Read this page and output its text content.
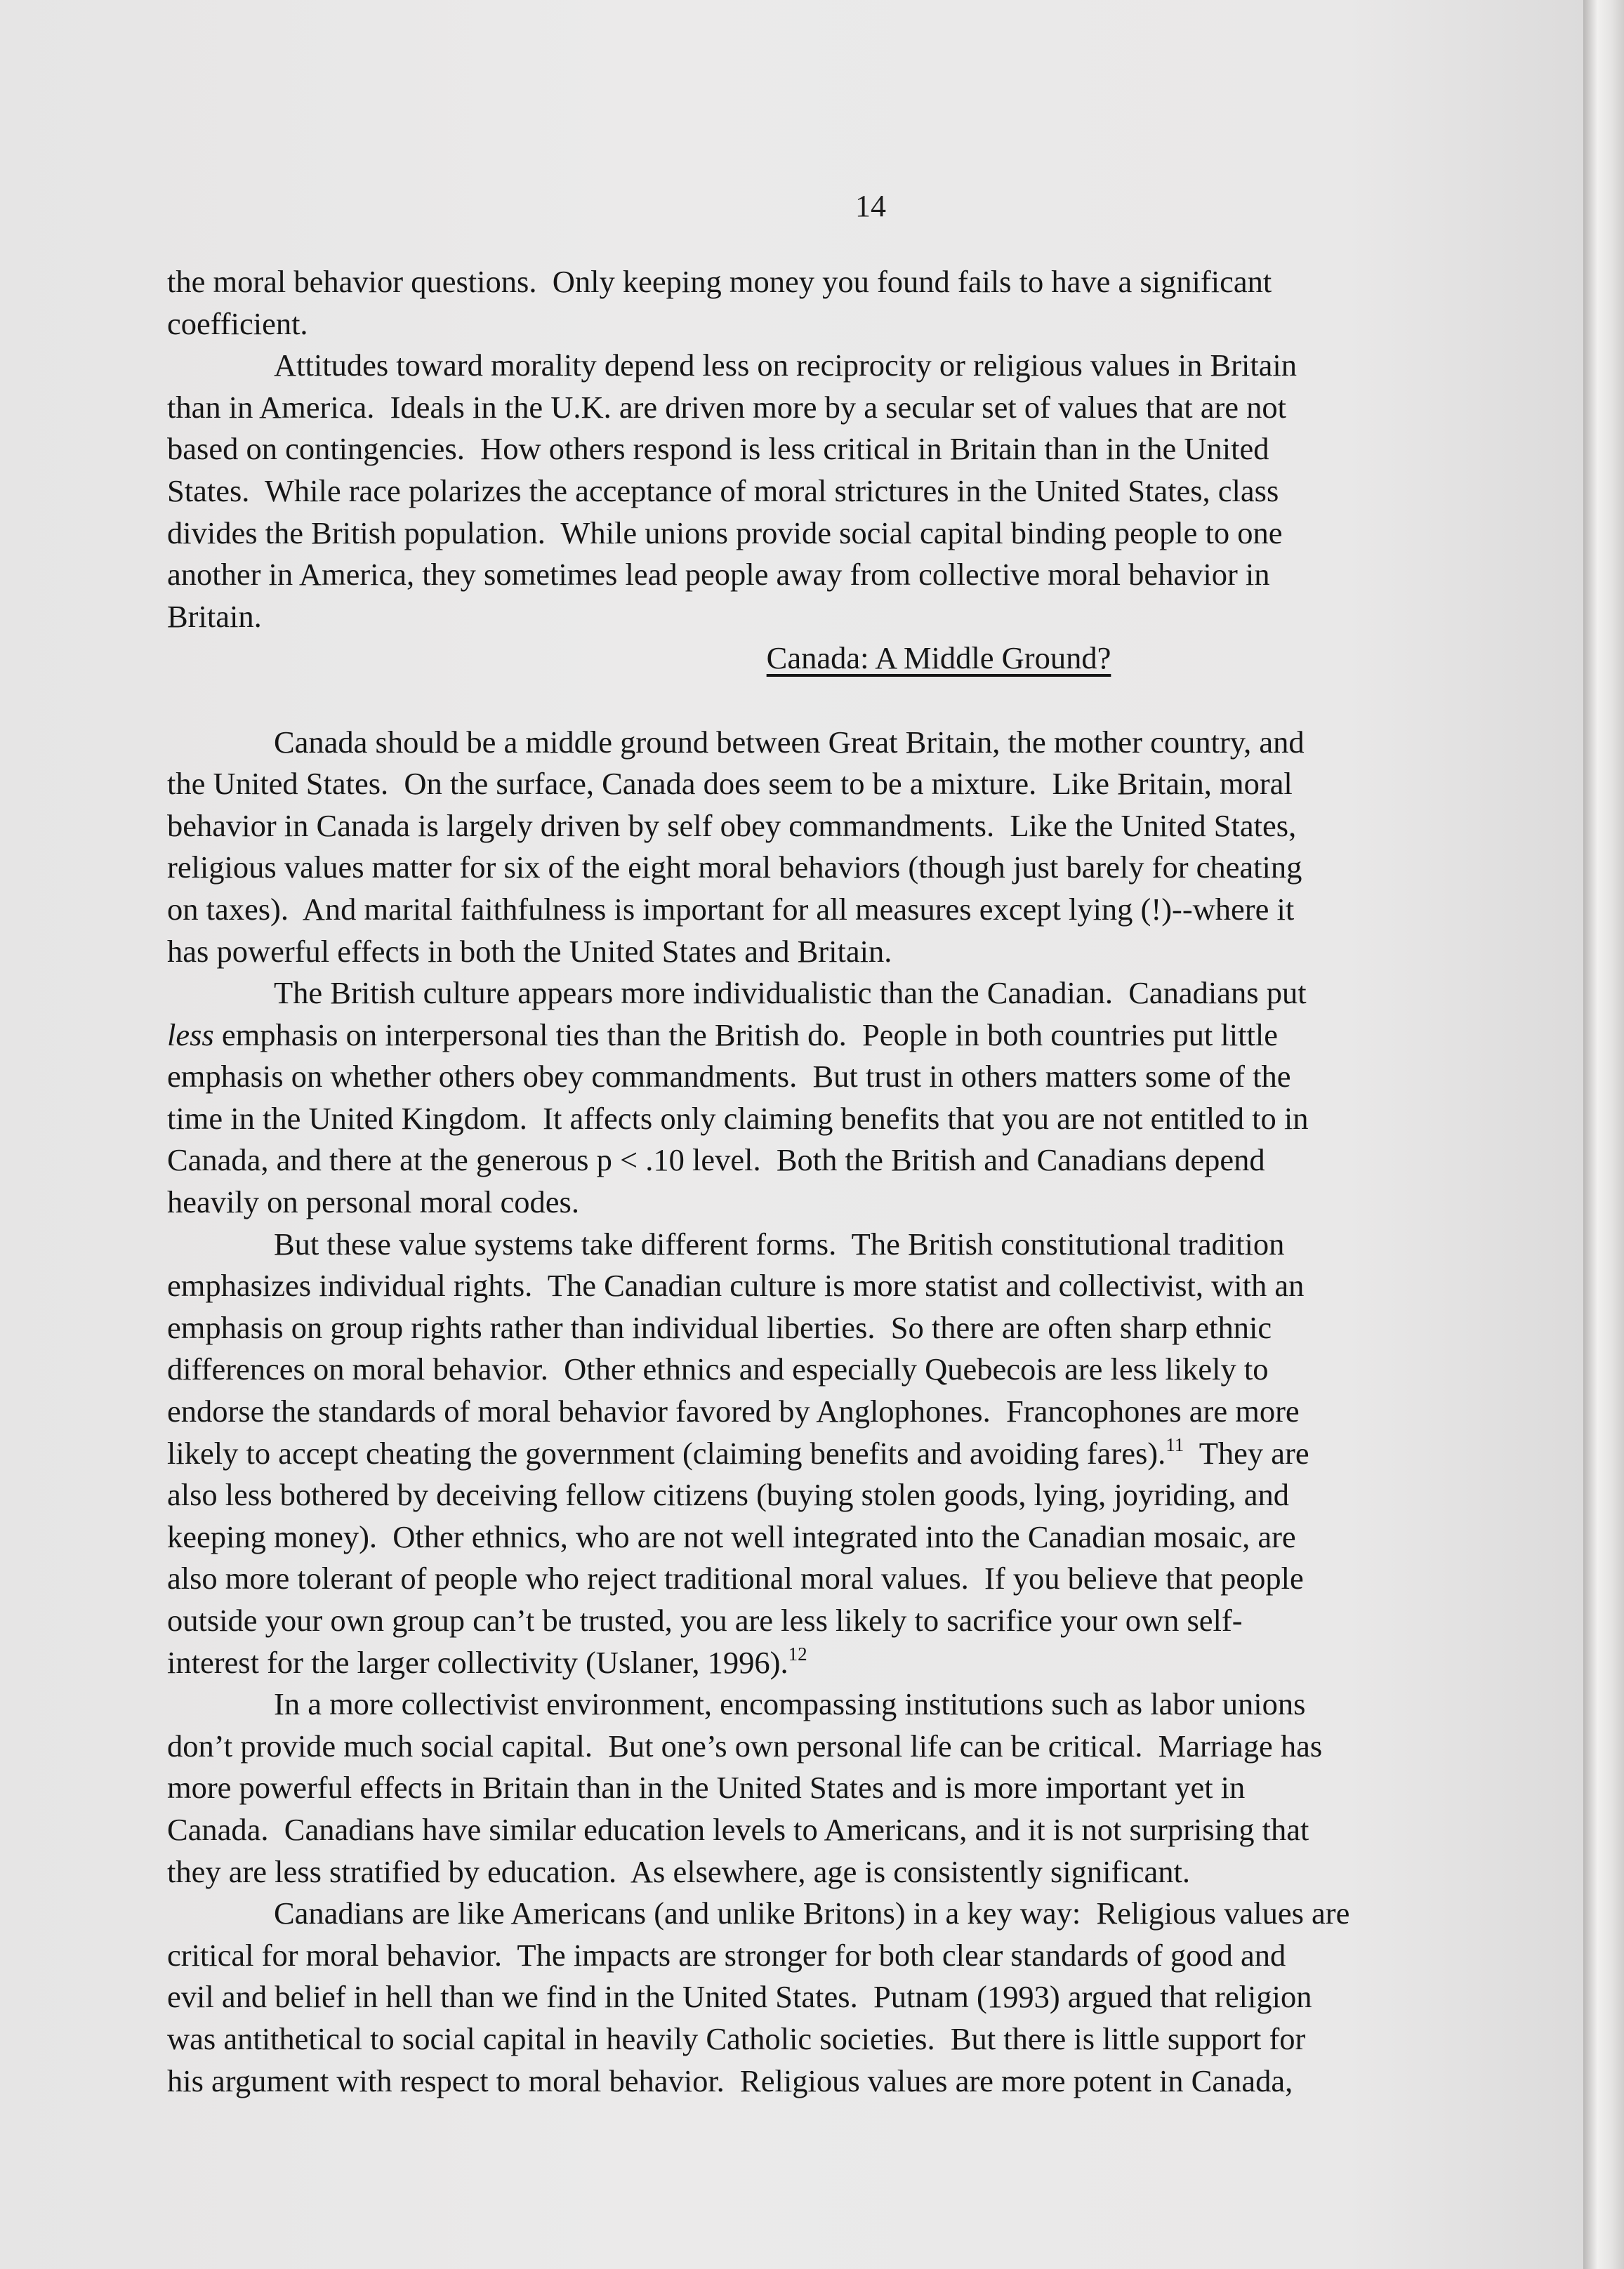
14
the moral behavior questions.  Only keeping money you found fails to have a significant
coefficient.
Attitudes toward morality depend less on reciprocity or religious values in Britain
than in America.  Ideals in the U.K. are driven more by a secular set of values that are not
based on contingencies.  How others respond is less critical in Britain than in the United
States.  While race polarizes the acceptance of moral strictures in the United States, class
divides the British population.  While unions provide social capital binding people to one
another in America, they sometimes lead people away from collective moral behavior in
Britain.
Canada: A Middle Ground?
Canada should be a middle ground between Great Britain, the mother country, and
the United States.  On the surface, Canada does seem to be a mixture.  Like Britain, moral
behavior in Canada is largely driven by self obey commandments.  Like the United States,
religious values matter for six of the eight moral behaviors (though just barely for cheating
on taxes).  And marital faithfulness is important for all measures except lying (!)--where it
has powerful effects in both the United States and Britain.
The British culture appears more individualistic than the Canadian.  Canadians put
less emphasis on interpersonal ties than the British do.  People in both countries put little
emphasis on whether others obey commandments.  But trust in others matters some of the
time in the United Kingdom.  It affects only claiming benefits that you are not entitled to in
Canada, and there at the generous p < .10 level.  Both the British and Canadians depend
heavily on personal moral codes.
But these value systems take different forms.  The British constitutional tradition
emphasizes individual rights.  The Canadian culture is more statist and collectivist, with an
emphasis on group rights rather than individual liberties.  So there are often sharp ethnic
differences on moral behavior.  Other ethnics and especially Quebecois are less likely to
endorse the standards of moral behavior favored by Anglophones.  Francophones are more
likely to accept cheating the government (claiming benefits and avoiding fares).$^{11}$  They are
also less bothered by deceiving fellow citizens (buying stolen goods, lying, joyriding, and
keeping money).  Other ethnics, who are not well integrated into the Canadian mosaic, are
also more tolerant of people who reject traditional moral values.  If you believe that people
outside your own group can’t be trusted, you are less likely to sacrifice your own self-
interest for the larger collectivity (Uslaner, 1996).$^{12}$
In a more collectivist environment, encompassing institutions such as labor unions
don’t provide much social capital.  But one’s own personal life can be critical.  Marriage has
more powerful effects in Britain than in the United States and is more important yet in
Canada.  Canadians have similar education levels to Americans, and it is not surprising that
they are less stratified by education.  As elsewhere, age is consistently significant.
Canadians are like Americans (and unlike Britons) in a key way:  Religious values are
critical for moral behavior.  The impacts are stronger for both clear standards of good and
evil and belief in hell than we find in the United States.  Putnam (1993) argued that religion
was antithetical to social capital in heavily Catholic societies.  But there is little support for
his argument with respect to moral behavior.  Religious values are more potent in Canada,
